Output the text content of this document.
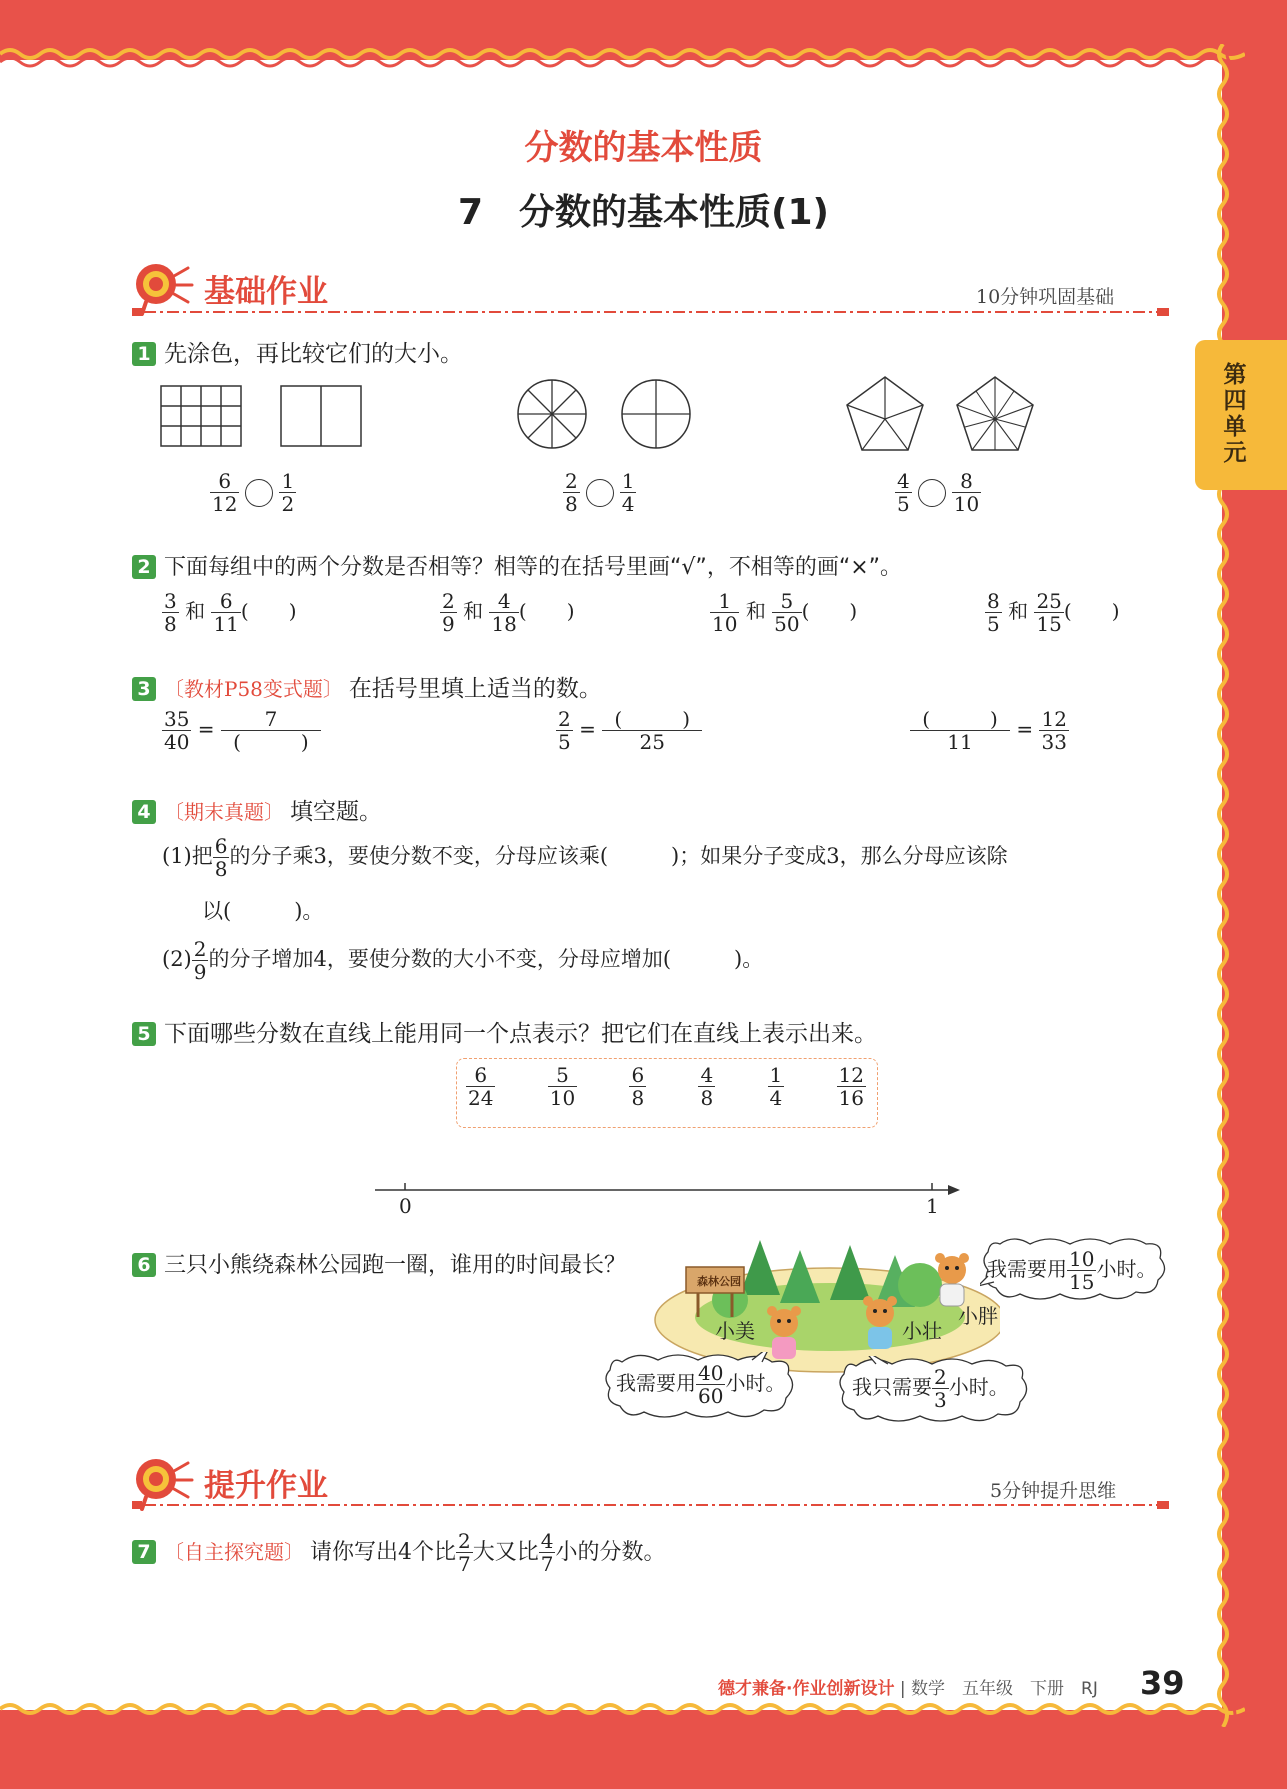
第四单元
分数的基本性质
7　分数的基本性质(1)
基础作业	10分钟巩固基础
1 先涂色，再比较它们的大小。
$\frac{6}{12} \frac{1}{2}$	$\frac{2}{8} \frac{1}{4}$	$\frac{4}{5} \frac{8}{10}$
2 下面每组中的两个分数是否相等？相等的在括号里画“√”，不相等的画“×”。
$\frac{3}{8}$ 和 $\frac{6}{11}$ (　　)	$\frac{2}{9}$ 和 $\frac{4}{18}$ (　　)	$\frac{1}{10}$ 和 $\frac{5}{50}$ (　　)	$\frac{8}{5}$ 和 $\frac{25}{15}$ (　　)
3 〔教材P58变式题〕 在括号里填上适当的数。
$\frac{35}{40} = \frac{7}{( )}$	$\frac{2}{5} = \frac{( )}{25}$	$\frac{( )}{11} = \frac{12}{33}$
4 〔期末真题〕 填空题。
(1)把 $\frac{6}{8}$ 的分子乘3，要使分数不变，分母应该乘(　　　)；如果分子变成3，那么分母应该除
以(　　　)。
$(2) \frac{2}{9}$ 的分子增加4，要使分数的大小不变，分母应增加(　　　)。
5 下面哪些分数在直线上能用同一个点表示？把它们在直线上表示出来。
$\frac{6}{24}$	$\frac{5}{10}$	$\frac{6}{8}$	$\frac{4}{8}$	$\frac{1}{4}$	$\frac{12}{16}$
0	1
6 三只小熊绕森林公园跑一圈，谁用的时间最长？
森林公园
小美	小壮
小胖
我需要用 $\frac{10}{15}$ 小时。
我需要用 $\frac{40}{60}$ 小时。	我只需要 $\frac{2}{3}$ 小时。
提升作业	5分钟提升思维
7 〔自主探究题〕 请你写出4个比 $\frac{2}{7}$ 大又比 $\frac{4}{7}$ 小的分数。
德才兼备·作业创新设计 | 数学　五年级　下册　RJ 39
